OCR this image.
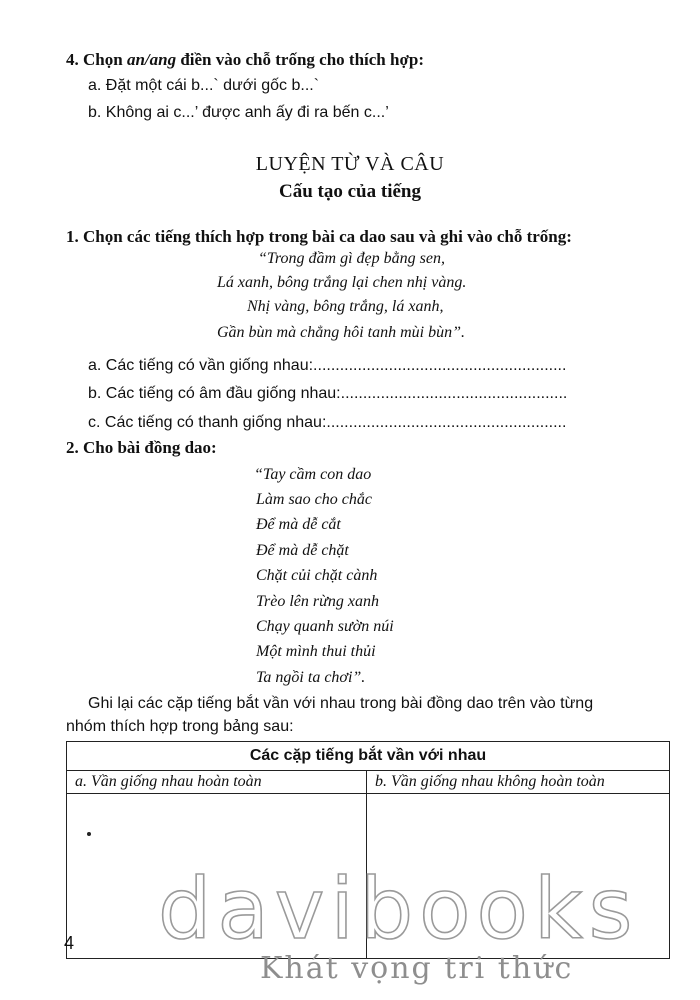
4. Chọn an/ang điền vào chỗ trống cho thích hợp:
a. Đặt một cái b...` dưới gốc b...`
b. Không ai c...’ được anh ấy đi ra bến c...’
LUYỆN TỪ VÀ CÂU
Cấu tạo của tiếng
1. Chọn các tiếng thích hợp trong bài ca dao sau và ghi vào chỗ trống:
“Trong đầm gì đẹp bằng sen,
Lá xanh, bông trắng lại chen nhị vàng.
Nhị vàng, bông trắng, lá xanh,
Gần bùn mà chẳng hôi tanh mùi bùn”.
a. Các tiếng có vần giống nhau:.........................................................
b. Các tiếng có âm đầu giống nhau:...................................................
c. Các tiếng có thanh giống nhau:......................................................
2. Cho bài đồng dao:
“Tay cầm con dao
Làm sao cho chắc
Để mà dễ cắt
Để mà dễ chặt
Chặt củi chặt cành
Trèo lên rừng xanh
Chạy quanh sườn núi
Một mình thui thủi
Ta ngồi ta chơi”.
Ghi lại các cặp tiếng bắt vần với nhau trong bài đồng dao trên vào từng
nhóm thích hợp trong bảng sau:
Các cặp tiếng bắt vần với nhau	
a. Vần giống nhau hoàn toàn	b. Vần giống nhau không hoàn toàn

4 davibooks
Khát vọng tri thức
